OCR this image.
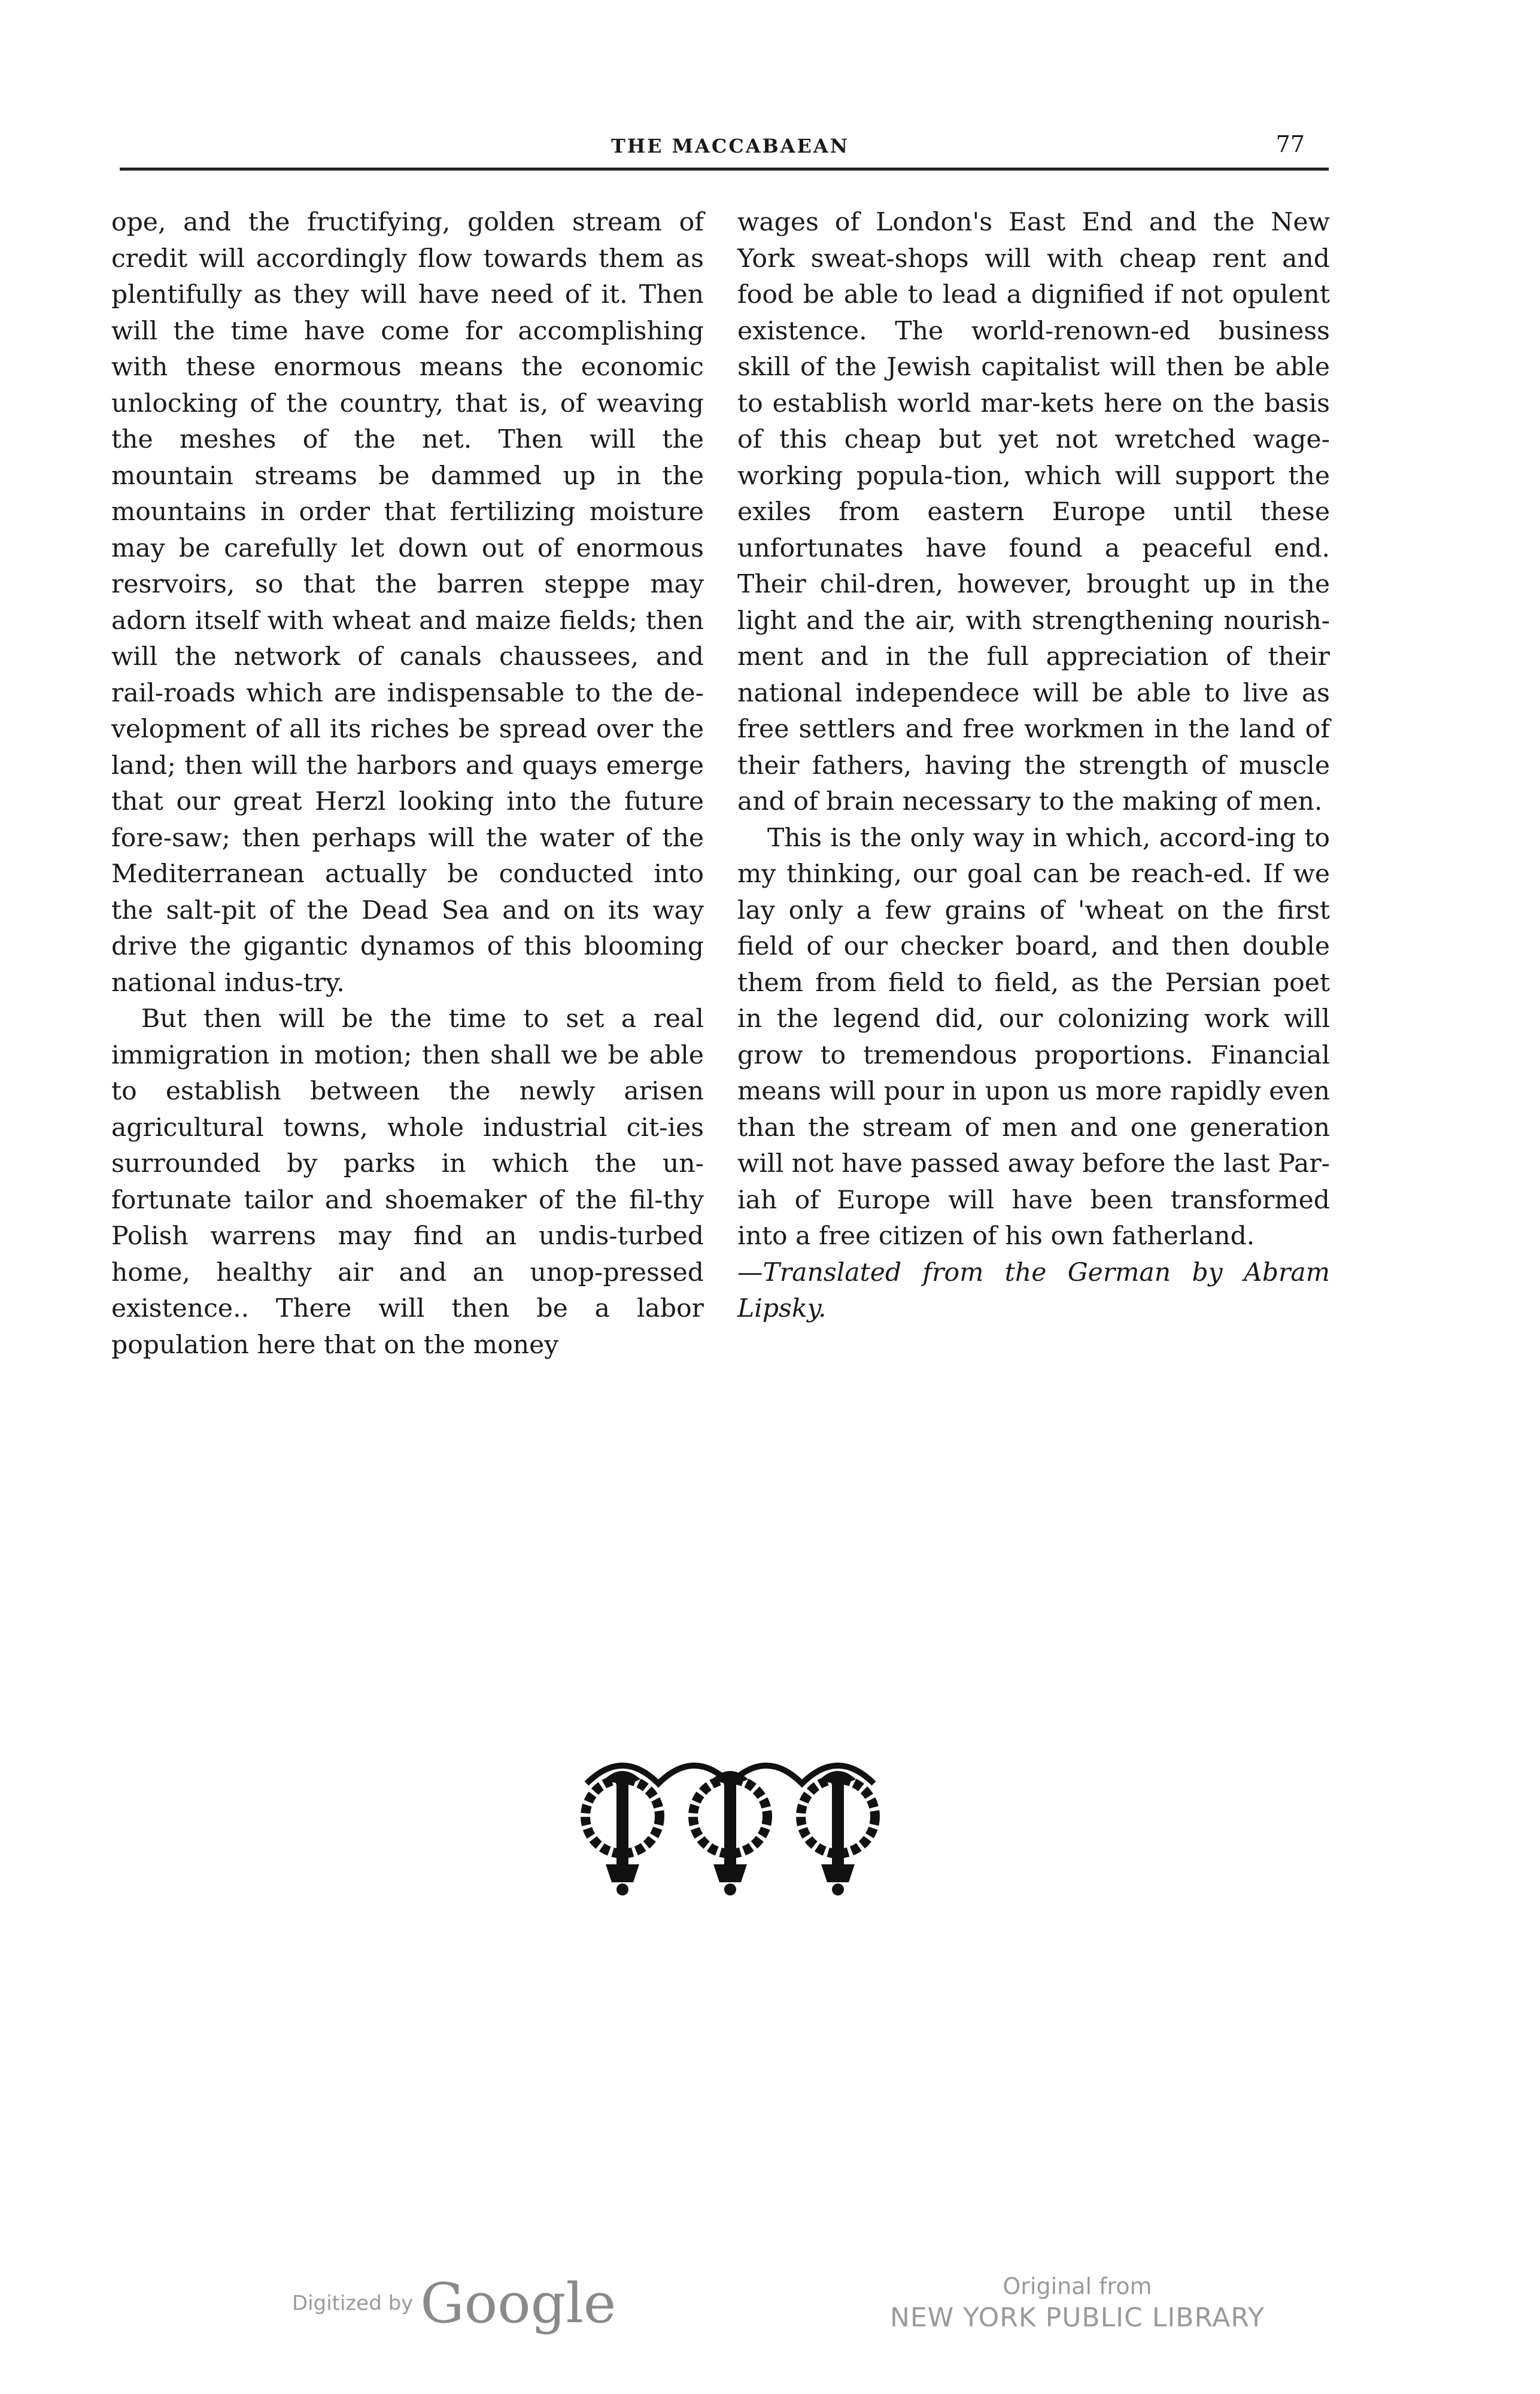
THE MACCABAEAN	77

ope, and the fructifying, golden stream of credit will accordingly flow towards them as plentifully as they will have need of it. Then will the time have come for accomplishing with these enormous means the economic unlocking of the country, that is, of weaving the meshes of the net. Then will the mountain streams be dammed up in the mountains in order that fertilizing moisture may be carefully let down out of enormous resrvoirs, so that the barren steppe may adorn itself with wheat and maize fields; then will the network of canals chaussees, and rail-roads which are indispensable to the de-velopment of all its riches be spread over the land; then will the harbors and quays emerge that our great Herzl looking into the future fore-saw; then perhaps will the water of the Mediterranean actually be conducted into the salt-pit of the Dead Sea and on its way drive the gigantic dynamos of this blooming national indus-try.

But then will be the time to set a real immigration in motion; then shall we be able to establish between the newly arisen agricultural towns, whole industrial cit-ies surrounded by parks in which the un-fortunate tailor and shoemaker of the fil-thy Polish warrens may find an undis-turbed home, healthy air and an unop-pressed existence.. There will then be a labor population here that on the money

wages of London's East End and the New York sweat-shops will with cheap rent and food be able to lead a dignified if not opulent existence. The world-renown-ed business skill of the Jewish capitalist will then be able to establish world mar-kets here on the basis of this cheap but yet not wretched wage-working popula-tion, which will support the exiles from eastern Europe until these unfortunates have found a peaceful end. Their chil-dren, however, brought up in the light and the air, with strengthening nourish-ment and in the full appreciation of their national independece will be able to live as free settlers and free workmen in the land of their fathers, having the strength of muscle and of brain necessary to the making of men.

This is the only way in which, accord-ing to my thinking, our goal can be reach-ed. If we lay only a few grains of 'wheat on the first field of our checker board, and then double them from field to field, as the Persian poet in the legend did, our colonizing work will grow to tremendous proportions. Financial means will pour in upon us more rapidly even than the stream of men and one generation will not have passed away before the last Par-iah of Europe will have been transformed into a free citizen of his own fatherland.

—Translated from the German by Abram Lipsky.

Digitized by Google	Original from
NEW YORK PUBLIC LIBRARY
